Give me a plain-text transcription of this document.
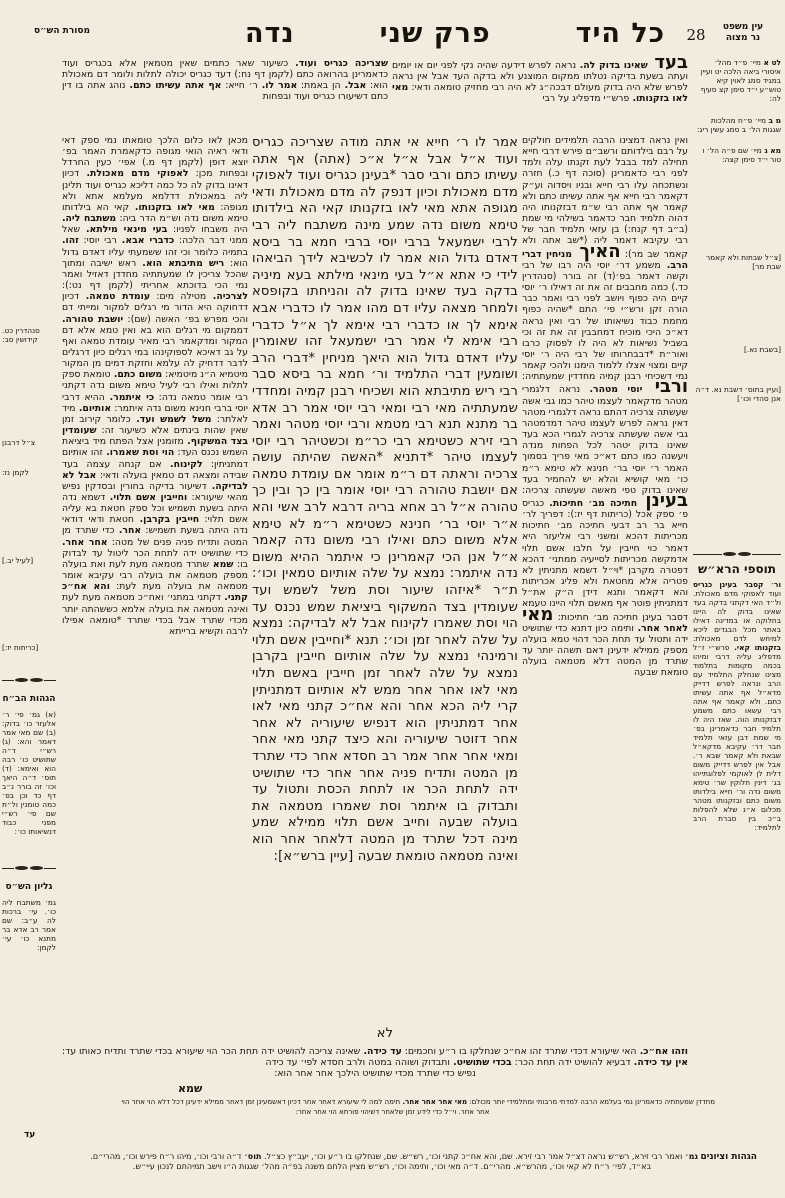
עין משפט
נר מצוה
28
כל היד
פרק שני
נדה
מסורת הש״ס
לט א מיי׳ פ״ד מהל׳ איסורי ביאה הלכה יט ועיין במגיד סמג לאוין קיא טוש״ע י״ד סימן קצ סעיף לה:
מ ב מיי׳ פ״ח מהלכות שגגות הל׳ ב סמג עשין ריג:
מא ג מיי׳ שם פ״ה הל׳ ו טור י״ד סימן קצה:
[צ״ל שבתות ולא קאמר שבת מר]
[בשבת נא.]
[ועיין בתוס׳ דשבת נא. ד״ה אנן סהדי וכו׳]
תוספי הרא״ש
ור׳ קסבר בעינן כגריס ועוד לאפוקי מדם מאכולת. ול״ד האי דקתני בדקה בעד שאינו בדוק לה היינו בחלוקה או במדינה דאילו באתר מכל הבגדים ליכא למיחש לדם מאכולת: בזקנותו קאי. פרש״י ז״ל מדפליג עליה דרבי ומיהו בכמה מקומות בתלמוד מצינו שנחלק התלמיד עם הרב ונראה לפרש דדייק מדא״ל אף אתה עשיתו כתם. ולא קאמר אף אתה רבי עשאו כתם משמע דבזקנותו הוה. שאז היה לו תלמיד חבר כדאמרינן בפ׳ מי שמת דבן עזאי תלמיד חבר דר׳ עקיבא מדקא״ל שבאת ולא קאמר שבא ר׳. אבל אין לפרש דדייק משום דלית לן לאוקמי לפלוגתייהו בג׳ דינין חלוקין שר׳ טימא משום נדה ור׳ חייא בילדותו משום כתם ובזקנותו מטהר מכלום א״נ שלא להפלות ב״כ בין סברת הרב לתלמיד:
סנהדרין כט. קידושין סב:
צ״ל דרבנן
לקמן נז:
[לעיל יב.]
[כריתות יז:]
הגהות הב״ח
(א) גמ׳ פי׳ ר׳ אלעזר כו׳ בדוק: (ב) שם מאי אמר דאמר והא: (ג) רש״י ד״ה שתושיט כו׳ רבה הוא ואימא: (ד) תוס׳ ד״ה היאך וכו׳ זה בורר נ״ב דף כד וכן בפ׳ כמה טומנין ול״ת שם פי׳ רש״י מפני כבוד דנשיאותו כו׳:
גליון הש״ס
גמ׳ משתבח ליה כו׳. עי׳ ברכות לה ע״ב: שם אמר רב אדא בר מתנא כו׳ עי׳ לקמן:
שצריכה כגריס ועוד. כשיעור שאר כתמים שאין מטמאין אלא בכגריס ועוד כדאמרינן בהרואה כתם (לקמן דף נח:) דעד כגריס יכולה לתלות ולומר דם מאכולת הוא: אבל. הן באמת: אמר לו. ר׳ חייא: אף אתה עשיתו כתם. נוהג אתה בו דין כתם דשיעורו כגריס ועוד ובפחות
בעד שאינו בדוק לה. נראה לפרש דידעה שהיה נקי לפני יום או יומים ועתה בשעת בדיקה נטלתו ממקום המוצנע ולא בדקה העד אבל אין נראה לפרש שלא היה בדוק מעולם דבכה״ג לא היה רבי מחזיק טומאה ודאי: מאי לאו בזקנותו. פרש״י מדפליג על רבי
מכאן לאו כלום הלכך טומאתו נמי ספק דאי ודאי ראיה הואי מגופה כדקאמרת האמר בפ׳ יוצא דופן (לקמן דף מ.) אפי׳ כעין החרדל ובפחות מכן: לאפוקי מדם מאכולת. דכיון דאינו בדוק לה כל כמה דליכא כגריס ועוד תלינן ליה במאכולת דדלמא מעלמא אתא ולא מגופה: מאי לאו בזקנותו. קאי הא בילדותו טימא משום נדה וש״מ הדר ביה: משתבח ליה. היה משבחו לפניו: בעי מינאי מילתא. שאל ממני דבר הלכה: כדברי אבא. רבי יוסי: זהו. בתמיה כלומר וכי זהו ששמעתי עליו דאדם גדול הוא: ריש מתיבתא הוא. ראש ישיבה ומתוך שהכל צריכין לו שמעתתיה מחדדן דאזיל ואמר נמי הכי בדוכתא אחריתי (לקמן דף נט:): לצרכיה. מטילה מים: עומדת טמאה. דכיון דדחוקה היא הדור מי רגלים למקור ומייתי דם והכי מפרש בפ׳ האשה (שם): יושבת טהורה. דממקום מי רגלים הוא בא ואין טמא אלא דם המקור ומדקאמר רבי מאיר עומדת טמאה ואף על גב דאיכא לספוקינהו במי רגלים כיון דרגלים לדבר דדחיק לה עלמא וחזקת דמים מן המקור מיטמיא ה״נ מיטמיא: משום כתם. טומאת ספק לתלות ואילו רבי לעיל טימא משום נדה דקתני רבי אומר טמאה נדה: כי איתמר. ההיא דרבי יוסי ברבי חנינא משום נדה איתמר: אותיום. מיד לאלתר: משל לשמש ועד. כלומר קירוב זמן שאין שהות בינתים אלא כשיעור זה: שעומדין בצד המשקוף. מזומנין אצל הפתח מיד ביציאת השמש נכנס העד: הוי וסת שאמרו. זהו אותיום דמתניתין: לקינוח. אם קנחה עצמה בעד שבידה ומצאה דם טמאין בועלה ודאי: אבל לא לבדיקה. דשיעור בדיקה בחורין ובסדקין נפיש מהאי שיעורא: וחייבין אשם תלוי. דשמא נדה היתה בשעת תשמיש וכל ספק חטאת בא עליה אשם תלוי: חייבין בקרבן. חטאת ודאי דודאי נדה היתה בשעת תשמיש: אחר. כדי שתרד מן המטה ותדיח פניה פנים של מטה: אחר אחר. כדי שתושיט ידה לתחת הכר ליטול עד לבדוק בו: שמא שתרד מטמאה מעת לעת ואת בועלה מספק מטמאה את בועלה רבי עקיבא אומר מטמאה את בועלה מעת לעת: והא אח״כ קתני. דקתני במתני׳ ואח״כ מטמאה מעת לעת ואינה מטמאה את בועלה אלמא כששהתה יותר מכדי שתרד אבל בכדי שתרד *טומאה אפילו לרבה וקשיא ברייתא
אמר לו ר׳ חייא אי אתה מודה שצריכה כגריס ועוד א״ל אבל א״ל א״כ (אתה) אף אתה עשיתו כתם ורבי סבר *בעינן כגריס ועוד לאפוקי מדם מאכולת וכיון דנפק לה מדם מאכולת ודאי מגופה אתא מאי לאו בזקנותו קאי הא בילדותו טימא משום נדה שמע מינה משתבח ליה רבי לרבי ישמעאל ברבי יוסי ברבי חמא בר ביסא דאדם גדול הוא אמר לו לכשיבא לידך הביאהו לידי כי אתא א״ל בעי מינאי מילתא בעא מיניה בדקה בעד שאינו בדוק לה והניחתו בקופסא ולמחר מצאה עליו דם מהו אמר לו כדברי אבא אימא לך או כדברי רבי אימא לך א״ל כדברי רבי אימא לי אמר רבי ישמעאל זהו שאומרין עליו דאדם גדול הוא היאך מניחין *דברי הרב ושומעין דברי התלמיד ור׳ חמא בר ביסא סבר רבי ריש מתיבתא הוא ושכיחי רבנן קמיה ומחדדי שמעתתיה מאי רבי ומאי רבי יוסי אמר רב אדא בר מתנא תנא רבי מטמא ורבי יוסי מטהר ואמר רבי זירא כשטימא רבי כר״מ וכשטיהר רבי יוסי לעצמו טיהר *דתניא *האשה שהיתה עושה צרכיה וראתה דם ר״מ אומר אם עומדת טמאה אם יושבת טהורה רבי יוסי אומר בין כך ובין כך טהורה א״ל רב אחא בריה דרבא לרב אשי והא א״ר יוסי בר׳ חנינא כשטימא ר״מ לא טימא אלא משום כתם ואילו רבי משום נדה קאמר א״ל אנן הכי קאמרינן כי איתמר ההיא משום נדה איתמר: נמצא על שלה אותיום טמאין וכו׳: ת״ר *איזהו שיעור וסת משל לשמש ועד שעומדין בצד המשקוף ביציאת שמש נכנס עד הוי וסת שאמרו לקינוח אבל לא לבדיקה: נמצא על שלה לאחר זמן וכו׳: תנא *וחייבין אשם תלוי ורמינהי נמצא על שלה אותיום חייבין בקרבן נמצא על שלה לאחר זמן חייבין באשם תלוי מאי לאו אחר אחר ממש לא אותיום דמתניתין קרי ליה הכא אחר והא אח״כ קתני מאי לאו אחר דמתניתין הוא דנפיש שיעוריה לא אחר אחר דזוטר שיעוריה והא כיצד קתני מאי אחר ומאי אחר אחר אמר רב חסדא אחר כדי שתרד מן המטה ותדיח פניה אחר אחר כדי שתושיט ידה לתחת הכר או לתחת הכסת ותטול עד ותבדוק בו איתמר וסת שאמרו מטמאה את בועלה שבעה וחייב אשם תלוי ממילא שמע מינה דכל שתרד מן המטה דלאחר אחר הוא ואינה מטמאה טומאת שבעה [עיין ברש״א]:
לא
ואין נראה דמצינו הרבה תלמידים חולקים על רבם בילדותם ורשב״ם פירש דרבי חייא תחילה למד בבבל לעת זקנתו עלה ולמד לפני רבי כדאמרינן (סוכה דף כ.) חזרה ונשתכחה עלו רבי חייא ובניו ויסדוה וע״ק דקאמר רבי חייא אף אתה עשיתו כתם ולא קאמר אף אתה רבי ש״מ דבזקנותו היה דהוה תלמיד חבר כדאמר בשילהי מי שמת (ב״ב דף קנח:) בן עזאי תלמיד חבר של רבי עקיבא דאמר ליה (*שב אתה ולא קאמר שב מר): האיך מניחין דברי הרב. משמע דר׳ יוסי היה רבו של רבי וקשה דאמר בפ׳(ד) זה בורר (סנהדרין כד.) כמה מחבבים זה את זה דאילו ר׳ יוסי קיים היה כפוף ויושב לפני רבי ואמר כבר הורה זקן ורש״י פי׳ התם *שהיה כפוף מחמת כבוד נשיאותו של רבי ואין נראה דא״כ היכי מוכיח דמחבבין זה את זה וכי בשביל נשיאות לא היה לו לפסוק כרבו ואור״ת *דבבחרותו של רבי היה ר׳ יוסי קיים ומצוי אצלו ללמוד הימנו ולהכי קאמר נמי דשכיחי רבנן קמיה מחדדין שמעתתיה: ורבי יוסי מטהר. נראה דלגמרי מטהר מדקאמר לעצמו טיהר כמו גבי אשה שעשתה צרכיה דהתם נראה דלגמרי מטהר דאין נראה לפרש לעצמו טיהר דמדמטהר גבי אשה שעשתה צרכיה לגמרי הכא בעד שאינו בדוק יטהר לכל הפחות מנדה ויעשנה כמו כתם דא״כ מאי פריך בסמוך האמר ר׳ יוסי בר׳ חנינא לא טימא ר״מ כו׳ מאי קושיא והלא יש להחמיר בעד שאינו בדוק טפי מאשה שעשתה צרכיה: בעינן חתיכה מב׳ חתיכות. כגריס פ׳ ספק אכל (כריתות דף יז:): דפריך לר׳ חייא בר רב דבעי חתיכה מב׳ חתיכות מכריתות דהכא ומשני רבי אליעזר היא דאמר כוי חייבין על חלבו אשם תלוי אדמקשה מכריתות לסייעיה ממתני׳ דהכא דפטרה מקרבן *וי״ל דשמא מתניתין לא פטריה אלא מחטאת ולא פליג אכריתות והא דקאמר ותנא דידן ה״ק את״ל דמתניתין פוטר אף מאשם תלוי היינו טעמא דסבר בעינן חתיכה מב׳ חתיכות: מאי לאחר אחר. ותימה כיון דתנא כדי שתושיט ידה ותטול עד תחת הכר דהוי טמא בועלה מספק ממילא ידעינן דאם תשהה יותר עד שתרד מן המטה דלא מטמאה בועלה טומאת שבעה
וזהו אח״כ. האי שיעורא דכדי שתרד זהו אח״כ שנחלקו בו ר״ע וחכמים: עד כידה. שאינה צריכה להושיט ידה תחת הכר הוי שיעורא בכדי שתרד ותדיח כאותו עד: אין עד כידה. דבעיא להושיט ידה תחת הכר: בכדי שתושיט. ותבדוק ושוהה במטה ולרב חסדא לפי׳ עד כידה
נפיש כדי שתרד מכדי שתושיט הילכך אחר אחר הוא:
שמא
מחדדן שמעתתיה כדאמרינן נמי בעלמא הרבה למדתי מרבותי ומתלמידי יותר מכולם: מאי אחר אחר אחר. תימה למה לי שיעורא דאחר אחר דכיון דאשמעינן זמן דאחר ממילא ידעינן דכל דלא הוי אחר הוי
אחר אחר. וי״ל כדי לידע זמן שלאחר דשיהוי פורתא הוי אחר אחר:
עד
הגהות וציונים גמ׳ ואמר רבי זירא, רש״ש נראה דצ״ל אמר רבי זירא. שם, והא אח״כ קתני וכו׳, רש״ש. שם, שנחלקו בו ר״ע וכו׳, יעב״ץ כצ״ל. תוס׳ ד״ה ורבי וכו׳, מיהו ר״ח פירש וכו׳, מהרי״ם.
בא״ד, לפי׳ ר״ח לא קאי וכו׳, מהרש״א. מהרי״ם. ד״ה מאי וכו׳, ותימה וכו׳, רש״ש מציין הלחם משנה בפ״ה מהל׳ שגגות ה״ו וישב תמיהתם לנכון עיי״ש.
